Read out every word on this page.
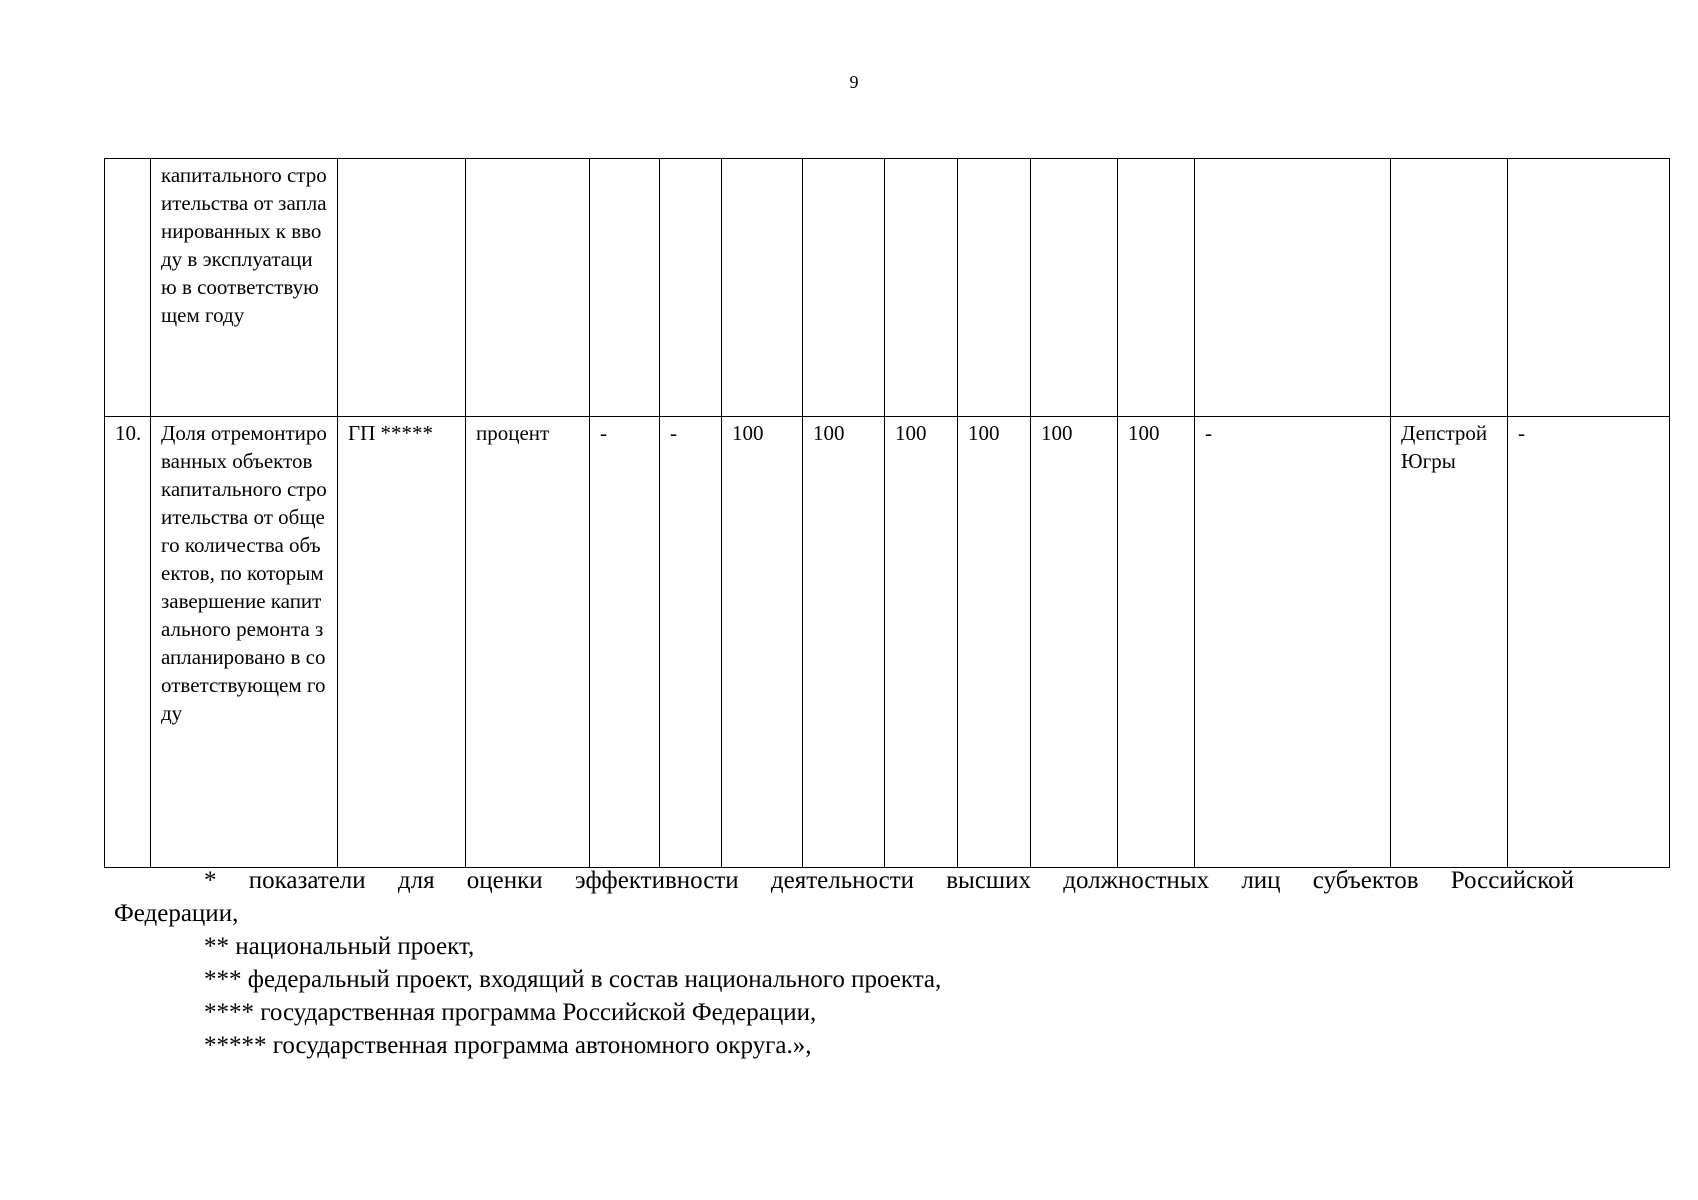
9
	капитального строительства от запланированных к вводу в эксплуатацию в соответствующем году													
10.	Доля отремонтированных объектов капитального строительства от общего количества объектов, по которым завершение капитального ремонта запланировано в соответствующем году	ГП *****	процент	-	-	100	100	100	100	100	100	-	Депстрой Югры	-

* показатели для оценки эффективности деятельности высших должностных лиц субъектов Российской

Федерации,

** национальный проект,

*** федеральный проект, входящий в состав национального проекта,

**** государственная программа Российской Федерации,

***** государственная программа автономного округа.»,
